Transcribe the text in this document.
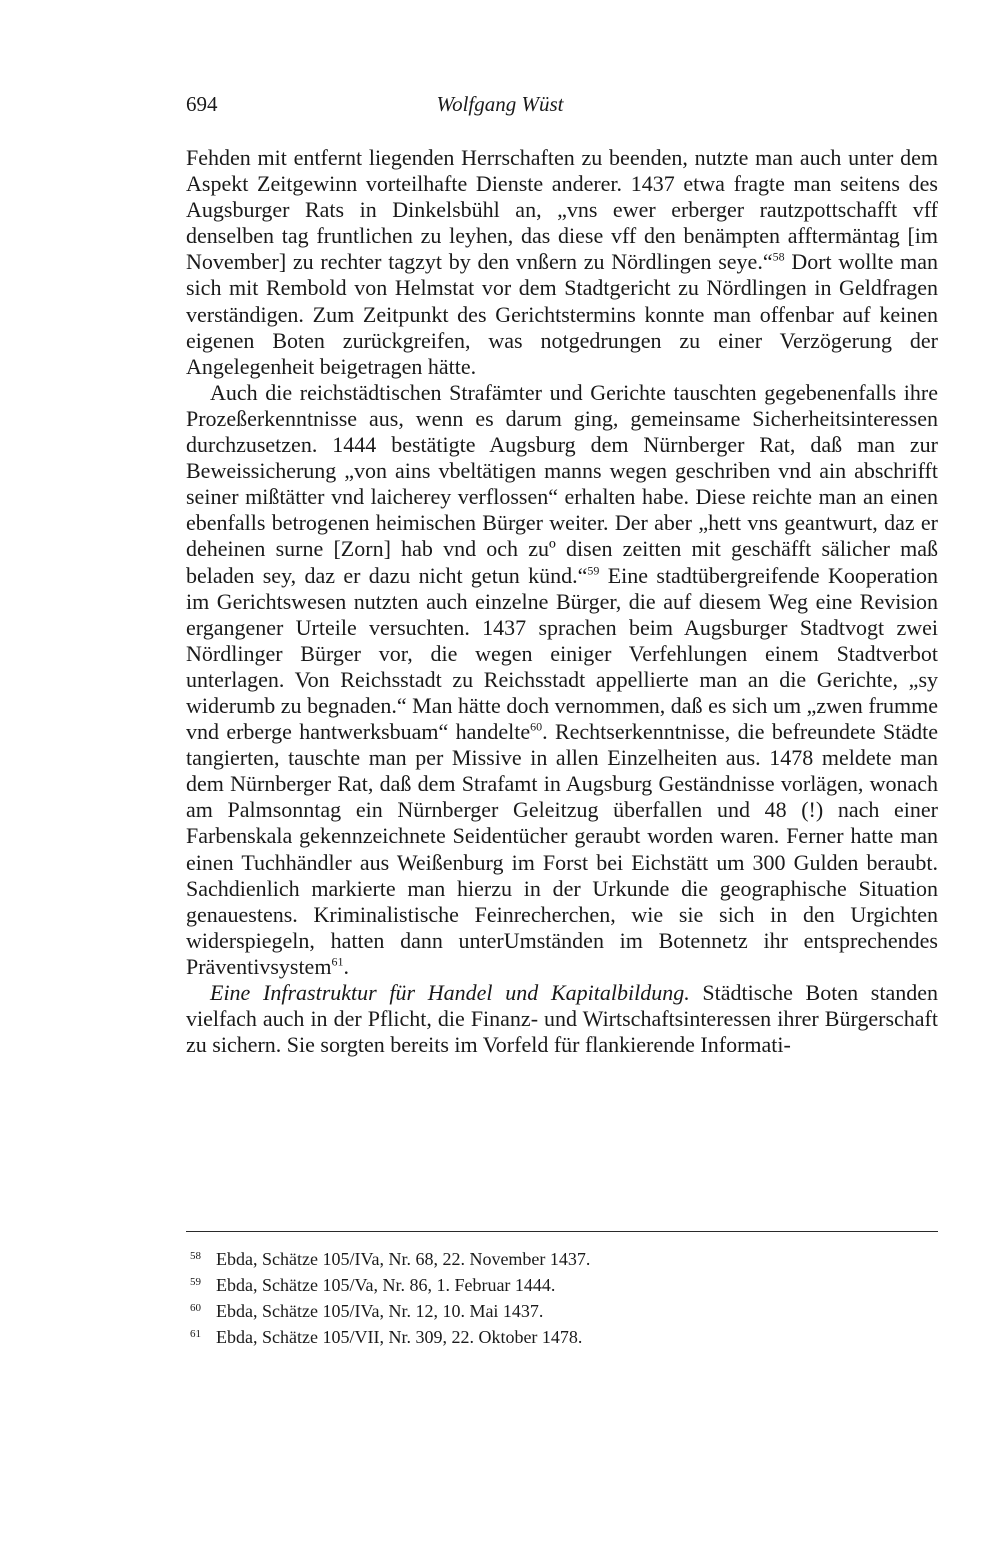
694	Wolfgang Wüst

Fehden mit entfernt liegenden Herrschaften zu beenden, nutzte man auch unter dem Aspekt Zeitgewinn vorteilhafte Dienste anderer. 1437 etwa fragte man seitens des Augsburger Rats in Dinkelsbühl an, „vns ewer erberger rautzpottschafft vff denselben tag fruntlichen zu leyhen, das diese vff den benämpten afftermäntag [im November] zu rechter tagzyt by den vnßern zu Nördlingen seye.“$^{58}$ Dort wollte man sich mit Rembold von Helmstat vor dem Stadtgericht zu Nördlingen in Geldfragen verständigen. Zum Zeitpunkt des Gerichtstermins konnte man offenbar auf keinen eigenen Boten zurückgreifen, was notgedrungen zu einer Verzögerung der Angelegenheit beigetragen hätte.

Auch die reichstädtischen Strafämter und Gerichte tauschten gegebenenfalls ihre Prozeßerkenntnisse aus, wenn es darum ging, gemeinsame Sicherheitsinteressen durchzusetzen. 1444 bestätigte Augsburg dem Nürnberger Rat, daß man zur Beweissicherung „von ains vbeltätigen manns wegen geschriben vnd ain abschrifft seiner mißtätter vnd laicherey verflossen“ erhalten habe. Diese reichte man an einen ebenfalls betrogenen heimischen Bürger weiter. Der aber „hett vns geantwurt, daz er deheinen surne [Zorn] hab vnd och zuº disen zeitten mit geschäfft sälicher maß beladen sey, daz er dazu nicht getun künd.“$^{59}$ Eine stadtübergreifende Kooperation im Gerichtswesen nutzten auch einzelne Bürger, die auf diesem Weg eine Revision ergangener Urteile versuchten. 1437 sprachen beim Augsburger Stadtvogt zwei Nördlinger Bürger vor, die wegen einiger Verfehlungen einem Stadtverbot unterlagen. Von Reichsstadt zu Reichsstadt appellierte man an die Gerichte, „sy widerumb zu begnaden.“ Man hätte doch vernommen, daß es sich um „zwen frumme vnd erberge hantwerksbuam“ handelte$^{60}$. Rechtserkenntnisse, die befreundete Städte tangierten, tauschte man per Missive in allen Einzelheiten aus. 1478 meldete man dem Nürnberger Rat, daß dem Strafamt in Augsburg Geständnisse vorlägen, wonach am Palmsonntag ein Nürnberger Geleitzug überfallen und 48 (!) nach einer Farbenskala gekennzeichnete Seidentücher geraubt worden waren. Ferner hatte man einen Tuchhändler aus Weißenburg im Forst bei Eichstätt um 300 Gulden beraubt. Sachdienlich markierte man hierzu in der Urkunde die geographische Situation genauestens. Kriminalistische Feinrecherchen, wie sie sich in den Urgichten widerspiegeln, hatten dann unterUmständen im Botennetz ihr entsprechendes Präventivsystem$^{61}$.

Eine Infrastruktur für Handel und Kapitalbildung. Städtische Boten standen vielfach auch in der Pflicht, die Finanz- und Wirtschaftsinteressen ihrer Bürgerschaft zu sichern. Sie sorgten bereits im Vorfeld für flankierende Informati-

58 Ebda, Schätze 105/IVa, Nr. 68, 22. November 1437.
59 Ebda, Schätze 105/Va, Nr. 86, 1. Februar 1444.
60 Ebda, Schätze 105/IVa, Nr. 12, 10. Mai 1437.
61 Ebda, Schätze 105/VII, Nr. 309, 22. Oktober 1478.
